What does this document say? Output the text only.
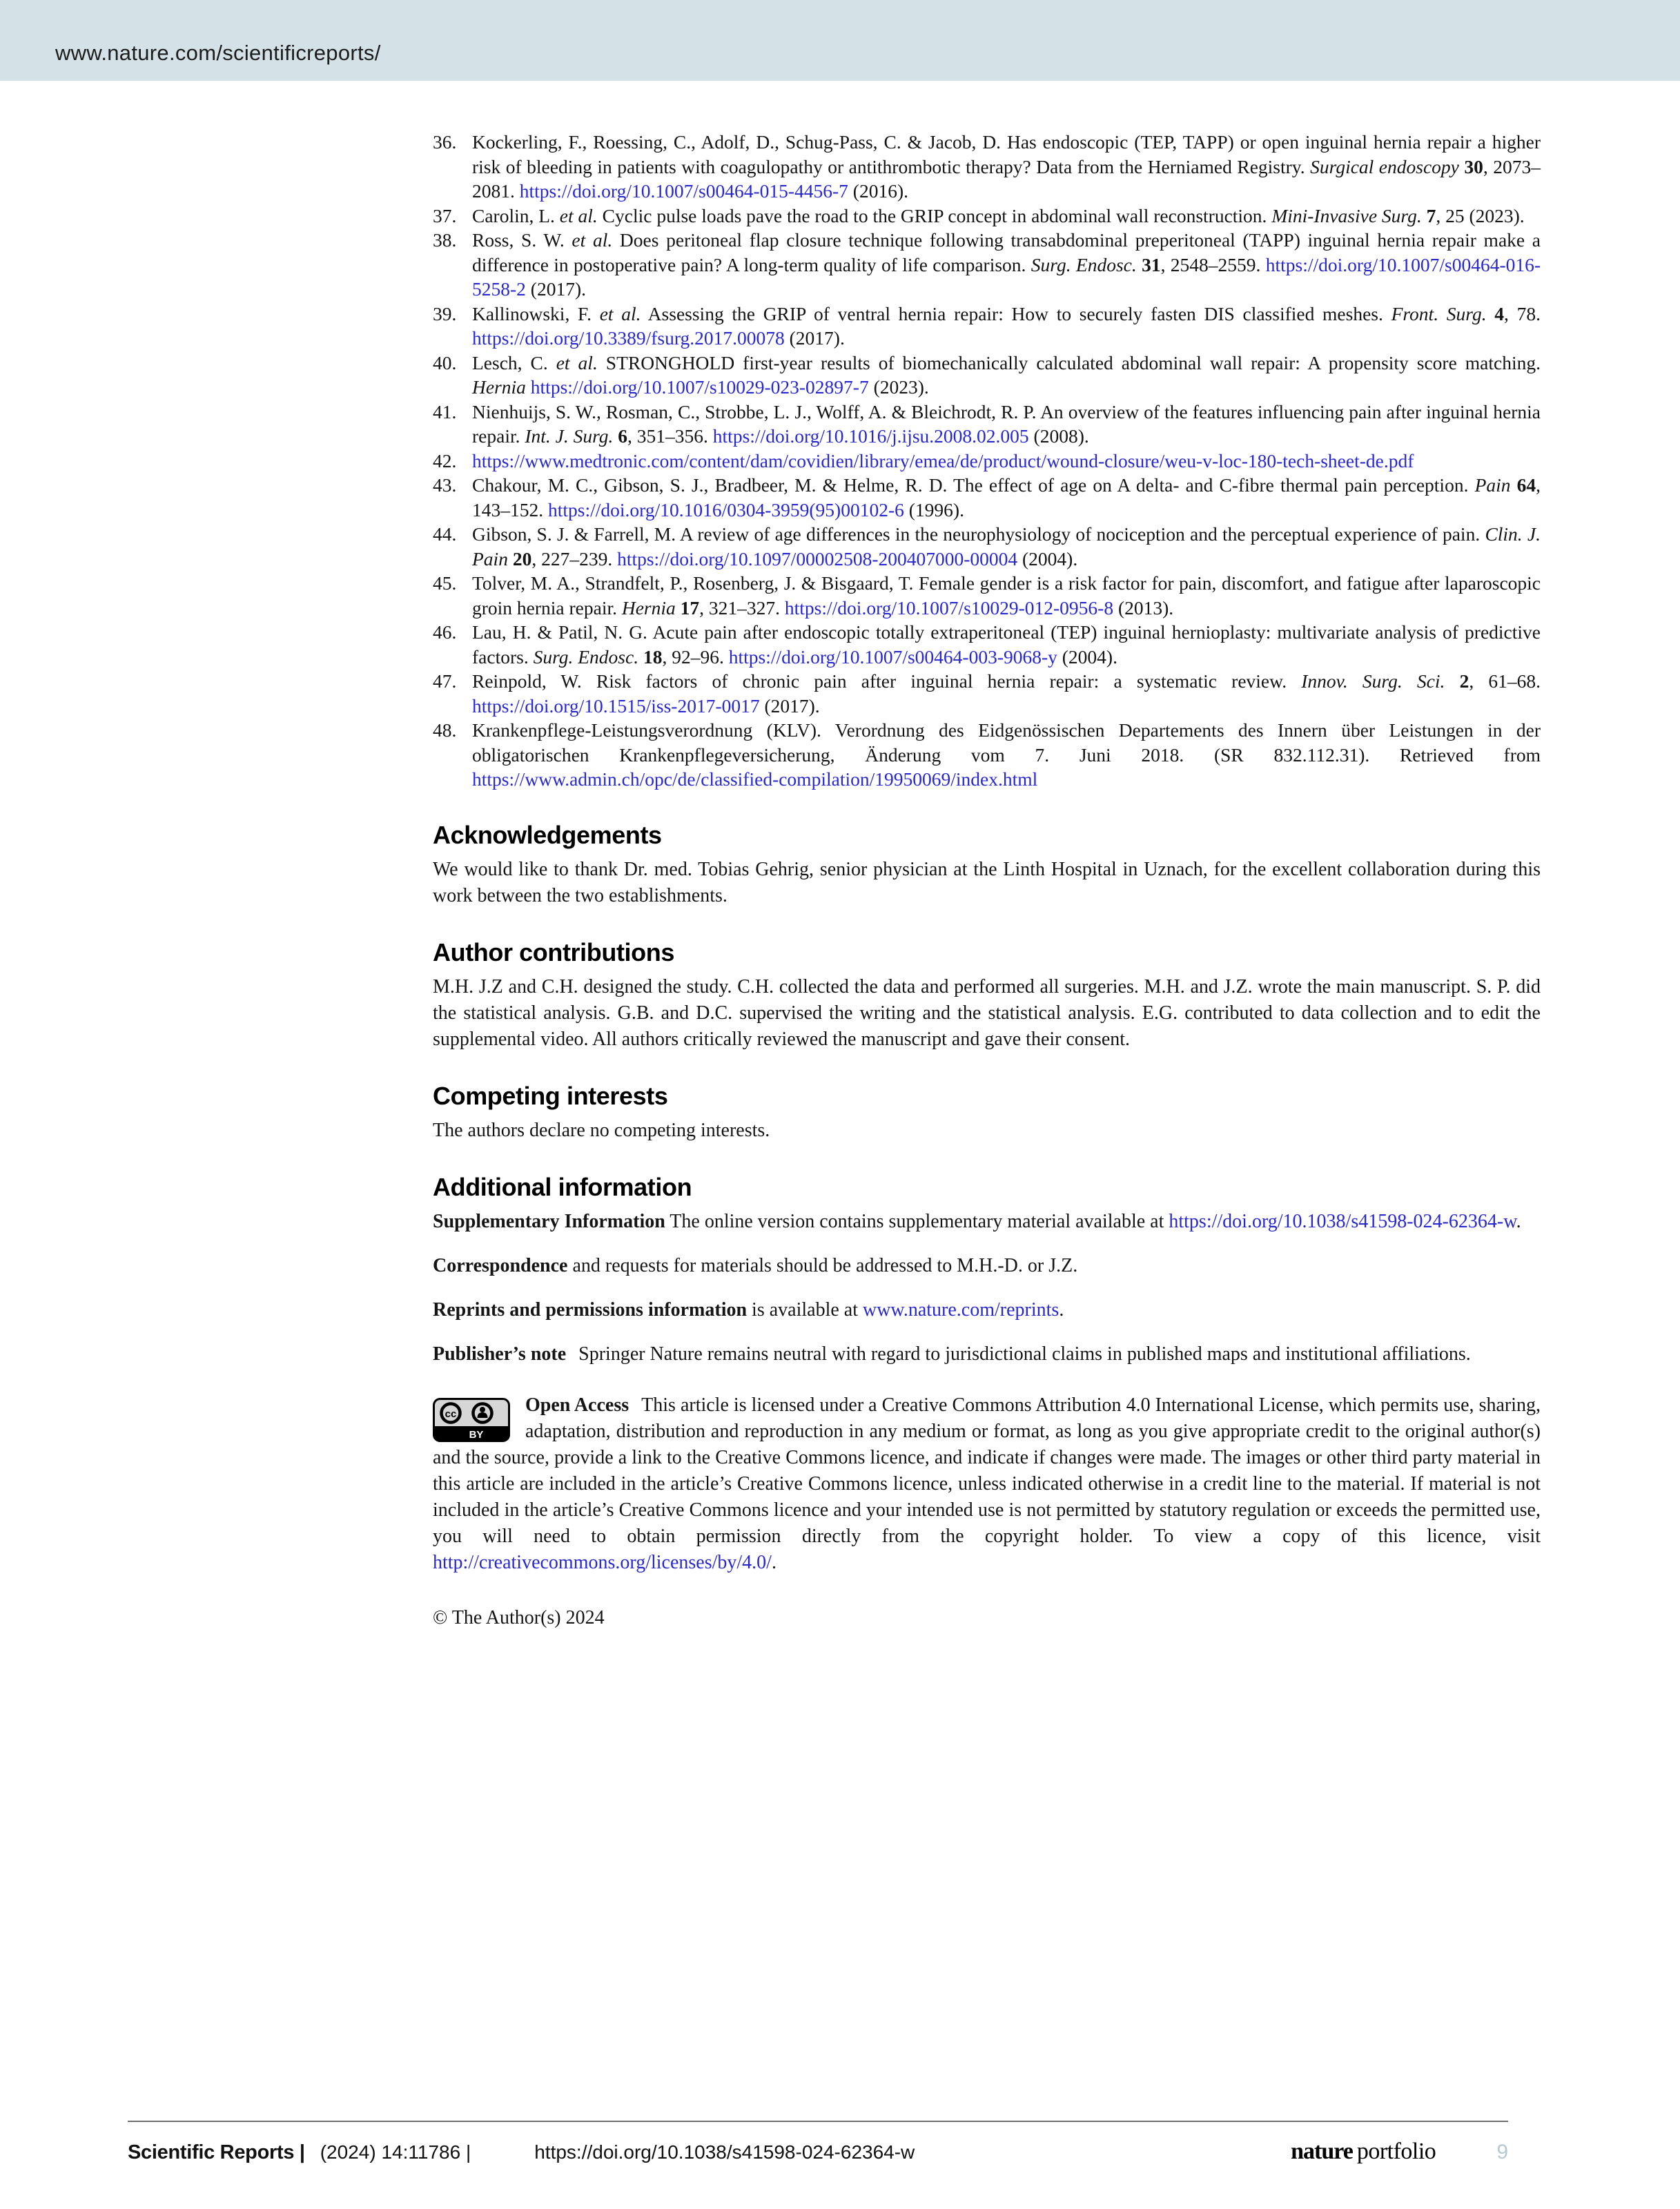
www.nature.com/scientificreports/
36. Kockerling, F., Roessing, C., Adolf, D., Schug-Pass, C. & Jacob, D. Has endoscopic (TEP, TAPP) or open inguinal hernia repair a higher risk of bleeding in patients with coagulopathy or antithrombotic therapy? Data from the Herniamed Registry. Surgical endoscopy 30, 2073–2081. https://doi.org/10.1007/s00464-015-4456-7 (2016).
37. Carolin, L. et al. Cyclic pulse loads pave the road to the GRIP concept in abdominal wall reconstruction. Mini-Invasive Surg. 7, 25 (2023).
38. Ross, S. W. et al. Does peritoneal flap closure technique following transabdominal preperitoneal (TAPP) inguinal hernia repair make a difference in postoperative pain? A long-term quality of life comparison. Surg. Endosc. 31, 2548–2559. https://doi.org/10.1007/s00464-016-5258-2 (2017).
39. Kallinowski, F. et al. Assessing the GRIP of ventral hernia repair: How to securely fasten DIS classified meshes. Front. Surg. 4, 78. https://doi.org/10.3389/fsurg.2017.00078 (2017).
40. Lesch, C. et al. STRONGHOLD first-year results of biomechanically calculated abdominal wall repair: A propensity score matching. Hernia https://doi.org/10.1007/s10029-023-02897-7 (2023).
41. Nienhuijs, S. W., Rosman, C., Strobbe, L. J., Wolff, A. & Bleichrodt, R. P. An overview of the features influencing pain after inguinal hernia repair. Int. J. Surg. 6, 351–356. https://doi.org/10.1016/j.ijsu.2008.02.005 (2008).
42. https://www.medtronic.com/content/dam/covidien/library/emea/de/product/wound-closure/weu-v-loc-180-tech-sheet-de.pdf
43. Chakour, M. C., Gibson, S. J., Bradbeer, M. & Helme, R. D. The effect of age on A delta- and C-fibre thermal pain perception. Pain 64, 143–152. https://doi.org/10.1016/0304-3959(95)00102-6 (1996).
44. Gibson, S. J. & Farrell, M. A review of age differences in the neurophysiology of nociception and the perceptual experience of pain. Clin. J. Pain 20, 227–239. https://doi.org/10.1097/00002508-200407000-00004 (2004).
45. Tolver, M. A., Strandfelt, P., Rosenberg, J. & Bisgaard, T. Female gender is a risk factor for pain, discomfort, and fatigue after laparoscopic groin hernia repair. Hernia 17, 321–327. https://doi.org/10.1007/s10029-012-0956-8 (2013).
46. Lau, H. & Patil, N. G. Acute pain after endoscopic totally extraperitoneal (TEP) inguinal hernioplasty: multivariate analysis of predictive factors. Surg. Endosc. 18, 92–96. https://doi.org/10.1007/s00464-003-9068-y (2004).
47. Reinpold, W. Risk factors of chronic pain after inguinal hernia repair: a systematic review. Innov. Surg. Sci. 2, 61–68. https://doi.org/10.1515/iss-2017-0017 (2017).
48. Krankenpflege-Leistungsverordnung (KLV). Verordnung des Eidgenössischen Departements des Innern über Leistungen in der obligatorischen Krankenpflegeversicherung, Änderung vom 7. Juni 2018. (SR 832.112.31). Retrieved from https://www.admin.ch/opc/de/classified-compilation/19950069/index.html
Acknowledgements

We would like to thank Dr. med. Tobias Gehrig, senior physician at the Linth Hospital in Uznach, for the excellent collaboration during this work between the two establishments.

Author contributions

M.H. J.Z and C.H. designed the study. C.H. collected the data and performed all surgeries. M.H. and J.Z. wrote the main manuscript. S. P. did the statistical analysis. G.B. and D.C. supervised the writing and the statistical analysis. E.G. contributed to data collection and to edit the supplemental video. All authors critically reviewed the manuscript and gave their consent.

Competing interests

The authors declare no competing interests.

Additional information

Supplementary Information The online version contains supplementary material available at https://doi.org/10.1038/s41598-024-62364-w.

Correspondence and requests for materials should be addressed to M.H.-D. or J.Z.

Reprints and permissions information is available at www.nature.com/reprints.

Publisher’s note Springer Nature remains neutral with regard to jurisdictional claims in published maps and institutional affiliations.

cc
BY
Open Access This article is licensed under a Creative Commons Attribution 4.0 International License, which permits use, sharing, adaptation, distribution and reproduction in any medium or format, as long as you give appropriate credit to the original author(s) and the source, provide a link to the Creative Commons licence, and indicate if changes were made. The images or other third party material in this article are included in the article’s Creative Commons licence, unless indicated otherwise in a credit line to the material. If material is not included in the article’s Creative Commons licence and your intended use is not permitted by statutory regulation or exceeds the permitted use, you will need to obtain permission directly from the copyright holder. To view a copy of this licence, visit http://creativecommons.org/licenses/by/4.0/.
© The Author(s) 2024
Scientific Reports | (2024) 14:11786 |	https://doi.org/10.1038/s41598-024-62364-w	nature portfolio	9
